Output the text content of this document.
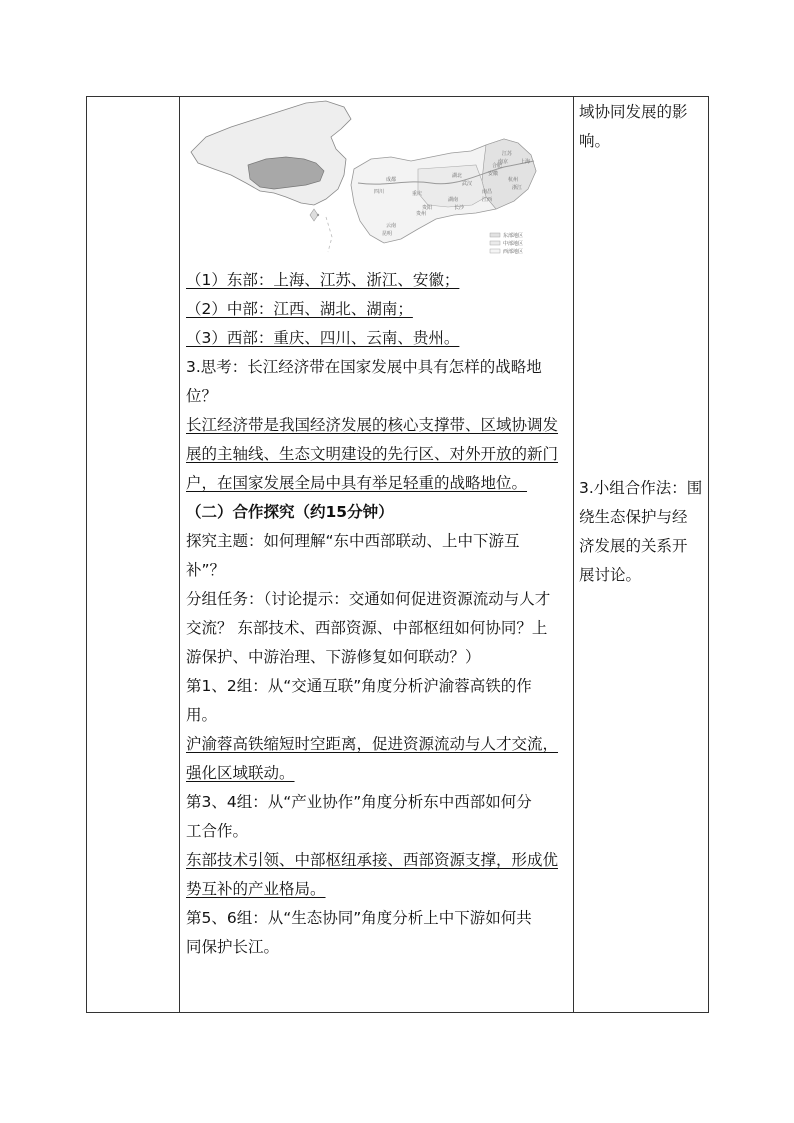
四川
成都
重庆
贵州
云南
昆明
湖北
武汉
湖南
长沙
江西
南昌
安徽
合肥
江苏
南京 上海
浙江
杭州
贵阳
东部地区
中部地区
西部地区
（1）东部：上海、江苏、浙江、安徽；
（2）中部：江西、湖北、湖南；
（3）西部：重庆、四川、云南、贵州。
3.思考：长江经济带在国家发展中具有怎样的战略地
位？
长江经济带是我国经济发展的核心支撑带、区域协调发
展的主轴线、生态文明建设的先行区、对外开放的新门
户，在国家发展全局中具有举足轻重的战略地位。
（二）合作探究（约15分钟）
探究主题：如何理解“东中西部联动、上中下游互
补”？
分组任务：（讨论提示：交通如何促进资源流动与人才
交流？ 东部技术、西部资源、中部枢纽如何协同？上
游保护、中游治理、下游修复如何联动？）
第1、2组：从“交通互联”角度分析沪渝蓉高铁的作
用。
沪渝蓉高铁缩短时空距离，促进资源流动与人才交流，
强化区域联动。
第3、4组：从“产业协作”角度分析东中西部如何分
工合作。
东部技术引领、中部枢纽承接、西部资源支撑，形成优
势互补的产业格局。
第5、6组：从“生态协同”角度分析上中下游如何共
同保护长江。
域协同发展的影
响。
3.小组合作法：围
绕生态保护与经
济发展的关系开
展讨论。
